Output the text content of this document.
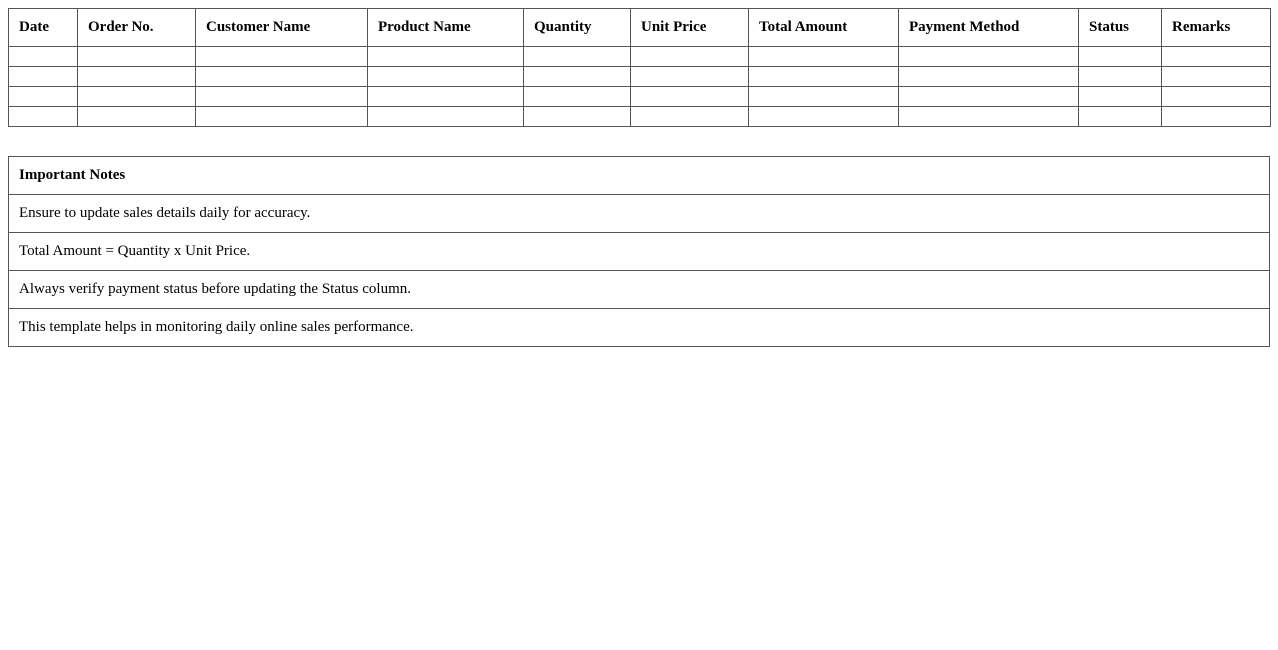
Date	Order No.	Customer Name	Product Name	Quantity	Unit Price	Total Amount	Payment Method	Status	Remarks

Important Notes
Ensure to update sales details daily for accuracy.
Total Amount = Quantity x Unit Price.
Always verify payment status before updating the Status column.
This template helps in monitoring daily online sales performance.
